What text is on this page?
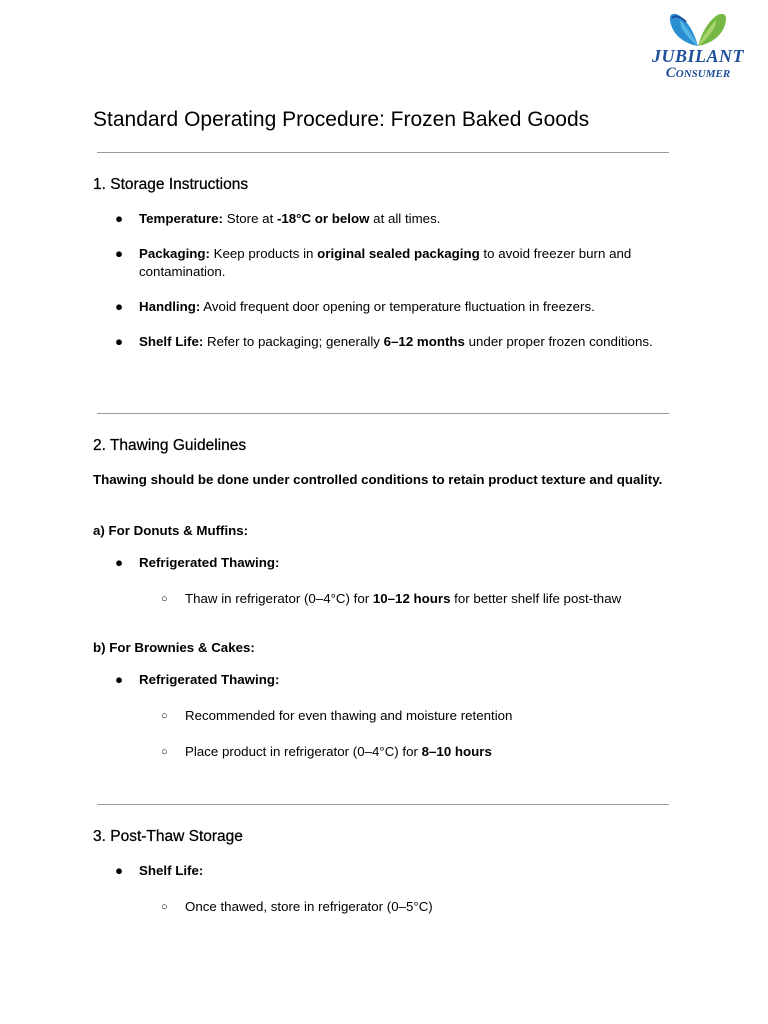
JUBILANT
Consumer
Standard Operating Procedure: Frozen Baked Goods
1. Storage Instructions
● Temperature: Store at -18°C or below at all times.
● Packaging: Keep products in original sealed packaging to avoid freezer burn and contamination.
● Handling: Avoid frequent door opening or temperature fluctuation in freezers.
● Shelf Life: Refer to packaging; generally 6–12 months under proper frozen conditions.
2. Thawing Guidelines
Thawing should be done under controlled conditions to retain product texture and quality.
a) For Donuts & Muffins:
● Refrigerated Thawing:
○ Thaw in refrigerator (0–4°C) for 10–12 hours for better shelf life post-thaw
b) For Brownies & Cakes:
● Refrigerated Thawing:
○ Recommended for even thawing and moisture retention
○ Place product in refrigerator (0–4°C) for 8–10 hours
3. Post-Thaw Storage
● Shelf Life:
○ Once thawed, store in refrigerator (0–5°C)
